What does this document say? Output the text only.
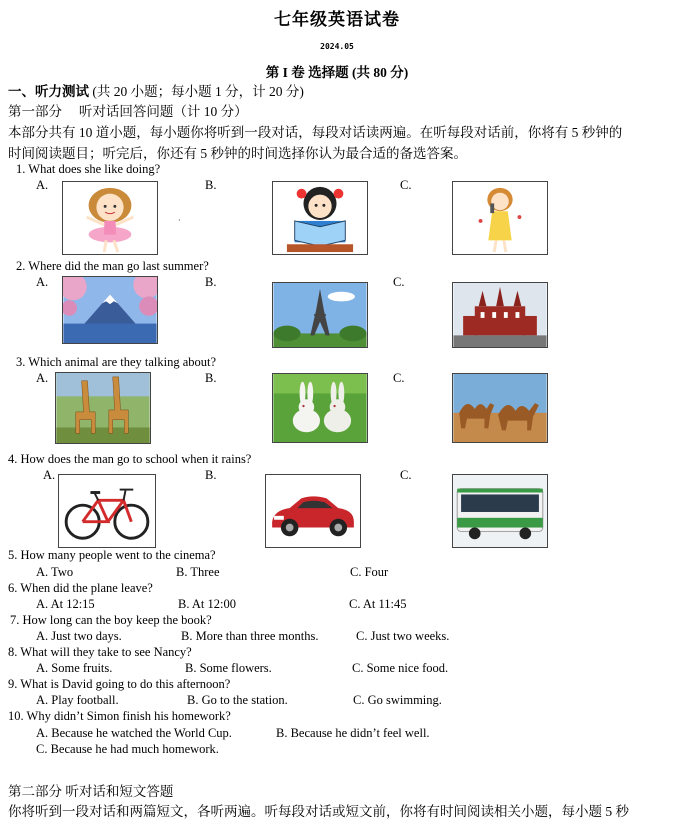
七年级英语试卷
2024.05
第 I 卷 选择题 (共 80 分)
一、听力测试 (共 20 小题；每小题 1 分，计 20 分)
第一部分　 听对话回答问题（计 10 分）
本部分共有 10 道小题，每小题你将听到一段对话，每段对话读两遍。在听每段对话前，你将有 5 秒钟的
时间阅读题目；听完后，你还有 5 秒钟的时间选择你认为最合适的备选答案。
1. What does she like doing?
A.	B.	C.
·
2. Where did the man go last summer?
A.	B.	C.
3. Which animal are they talking about?
A.	B.	C.
4. How does the man go to school when it rains?
A.	B.	C.
5. How many people went to the cinema?
A. Two	B. Three	C. Four
6. When did the plane leave?
A. At 12:15	B. At 12:00	C. At 11:45
7. How long can the boy keep the book?
A. Just two days.	B. More than three months.	C. Just two weeks.
8. What will they take to see Nancy?
A. Some fruits.	B. Some flowers.	C. Some nice food.
9. What is David going to do this afternoon?
A. Play football.	B. Go to the station.	C. Go swimming.
10. Why didn’t Simon finish his homework?
A. Because he watched the World Cup.	B. Because he didn’t feel well.
C. Because he had much homework.
第二部分 听对话和短文答题
你将听到一段对话和两篇短文，各听两遍。听每段对话或短文前，你将有时间阅读相关小题，每小题 5 秒
